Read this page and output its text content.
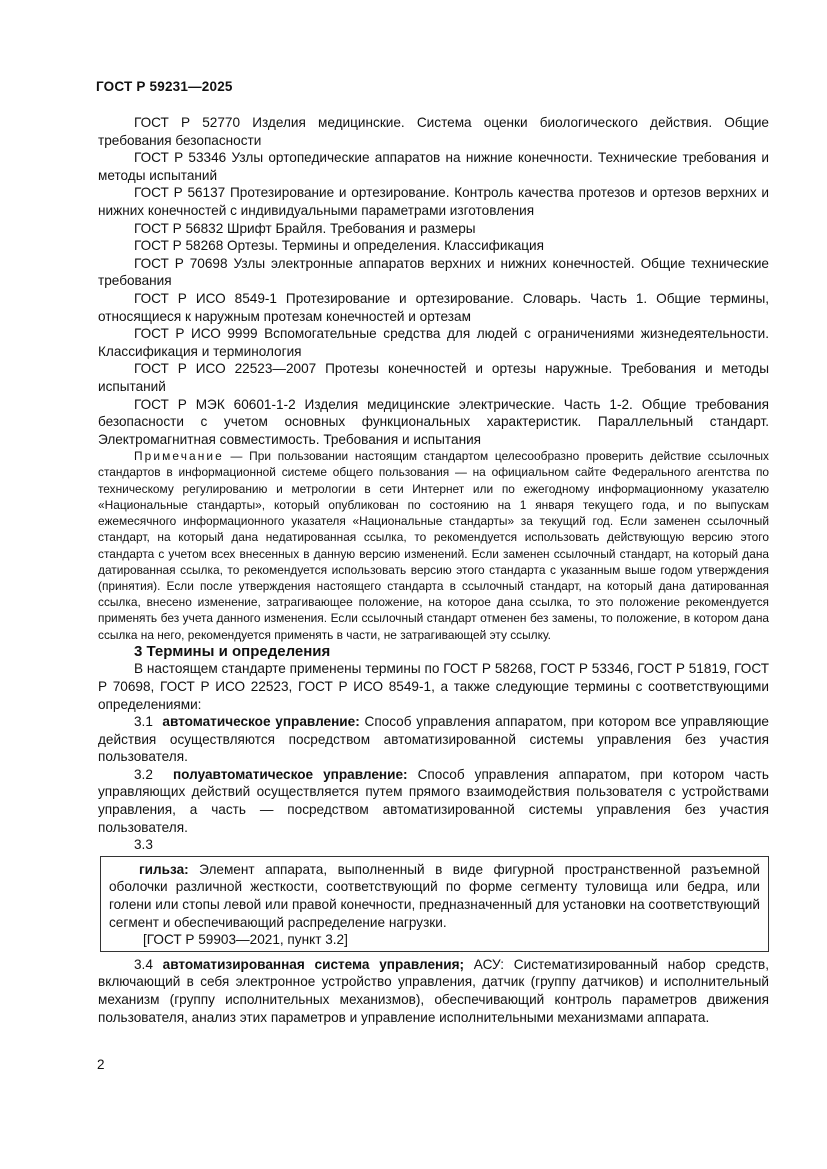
ГОСТ Р 59231—2025

ГОСТ Р 52770 Изделия медицинские. Система оценки биологического действия. Общие требования безопасности

ГОСТ Р 53346 Узлы ортопедические аппаратов на нижние конечности. Технические требования и методы испытаний

ГОСТ Р 56137 Протезирование и ортезирование. Контроль качества протезов и ортезов верхних и нижних конечностей с индивидуальными параметрами изготовления

ГОСТ Р 56832 Шрифт Брайля. Требования и размеры

ГОСТ Р 58268 Ортезы. Термины и определения. Классификация

ГОСТ Р 70698 Узлы электронные аппаратов верхних и нижних конечностей. Общие технические требования

ГОСТ Р ИСО 8549-1 Протезирование и ортезирование. Словарь. Часть 1. Общие термины, относящиеся к наружным протезам конечностей и ортезам

ГОСТ Р ИСО 9999 Вспомогательные средства для людей с ограничениями жизнедеятельности. Классификация и терминология

ГОСТ Р ИСО 22523—2007 Протезы конечностей и ортезы наружные. Требования и методы испытаний

ГОСТ Р МЭК 60601-1-2 Изделия медицинские электрические. Часть 1-2. Общие требования безопасности с учетом основных функциональных характеристик. Параллельный стандарт. Электромагнитная совместимость. Требования и испытания

Примечание — При пользовании настоящим стандартом целесообразно проверить действие ссылочных стандартов в информационной системе общего пользования — на официальном сайте Федерального агентства по техническому регулированию и метрологии в сети Интернет или по ежегодному информационному указателю «Национальные стандарты», который опубликован по состоянию на 1 января текущего года, и по выпускам ежемесячного информационного указателя «Национальные стандарты» за текущий год. Если заменен ссылочный стандарт, на который дана недатированная ссылка, то рекомендуется использовать действующую версию этого стандарта с учетом всех внесенных в данную версию изменений. Если заменен ссылочный стандарт, на который дана датированная ссылка, то рекомендуется использовать версию этого стандарта с указанным выше годом утверждения (принятия). Если после утверждения настоящего стандарта в ссылочный стандарт, на который дана датированная ссылка, внесено изменение, затрагивающее положение, на которое дана ссылка, то это положение рекомендуется применять без учета данного изменения. Если ссылочный стандарт отменен без замены, то положение, в котором дана ссылка на него, рекомендуется применять в части, не затрагивающей эту ссылку.

3 Термины и определения

В настоящем стандарте применены термины по ГОСТ Р 58268, ГОСТ Р 53346, ГОСТ Р 51819, ГОСТ Р 70698, ГОСТ Р ИСО 22523, ГОСТ Р ИСО 8549-1, а также следующие термины с соответствующими определениями:

3.1 автоматическое управление: Способ управления аппаратом, при котором все управляющие действия осуществляются посредством автоматизированной системы управления без участия пользователя.

3.2 полуавтоматическое управление: Способ управления аппаратом, при котором часть управляющих действий осуществляется путем прямого взаимодействия пользователя с устройствами управления, а часть — посредством автоматизированной системы управления без участия пользователя.

3.3

гильза: Элемент аппарата, выполненный в виде фигурной пространственной разъемной оболочки различной жесткости, соответствующий по форме сегменту туловища или бедра, или голени или стопы левой или правой конечности, предназначенный для установки на соответствующий сегмент и обеспечивающий распределение нагрузки.

[ГОСТ Р 59903—2021, пункт 3.2]

3.4 автоматизированная система управления; АСУ: Систематизированный набор средств, включающий в себя электронное устройство управления, датчик (группу датчиков) и исполнительный механизм (группу исполнительных механизмов), обеспечивающий контроль параметров движения пользователя, анализ этих параметров и управление исполнительными механизмами аппарата.

2
